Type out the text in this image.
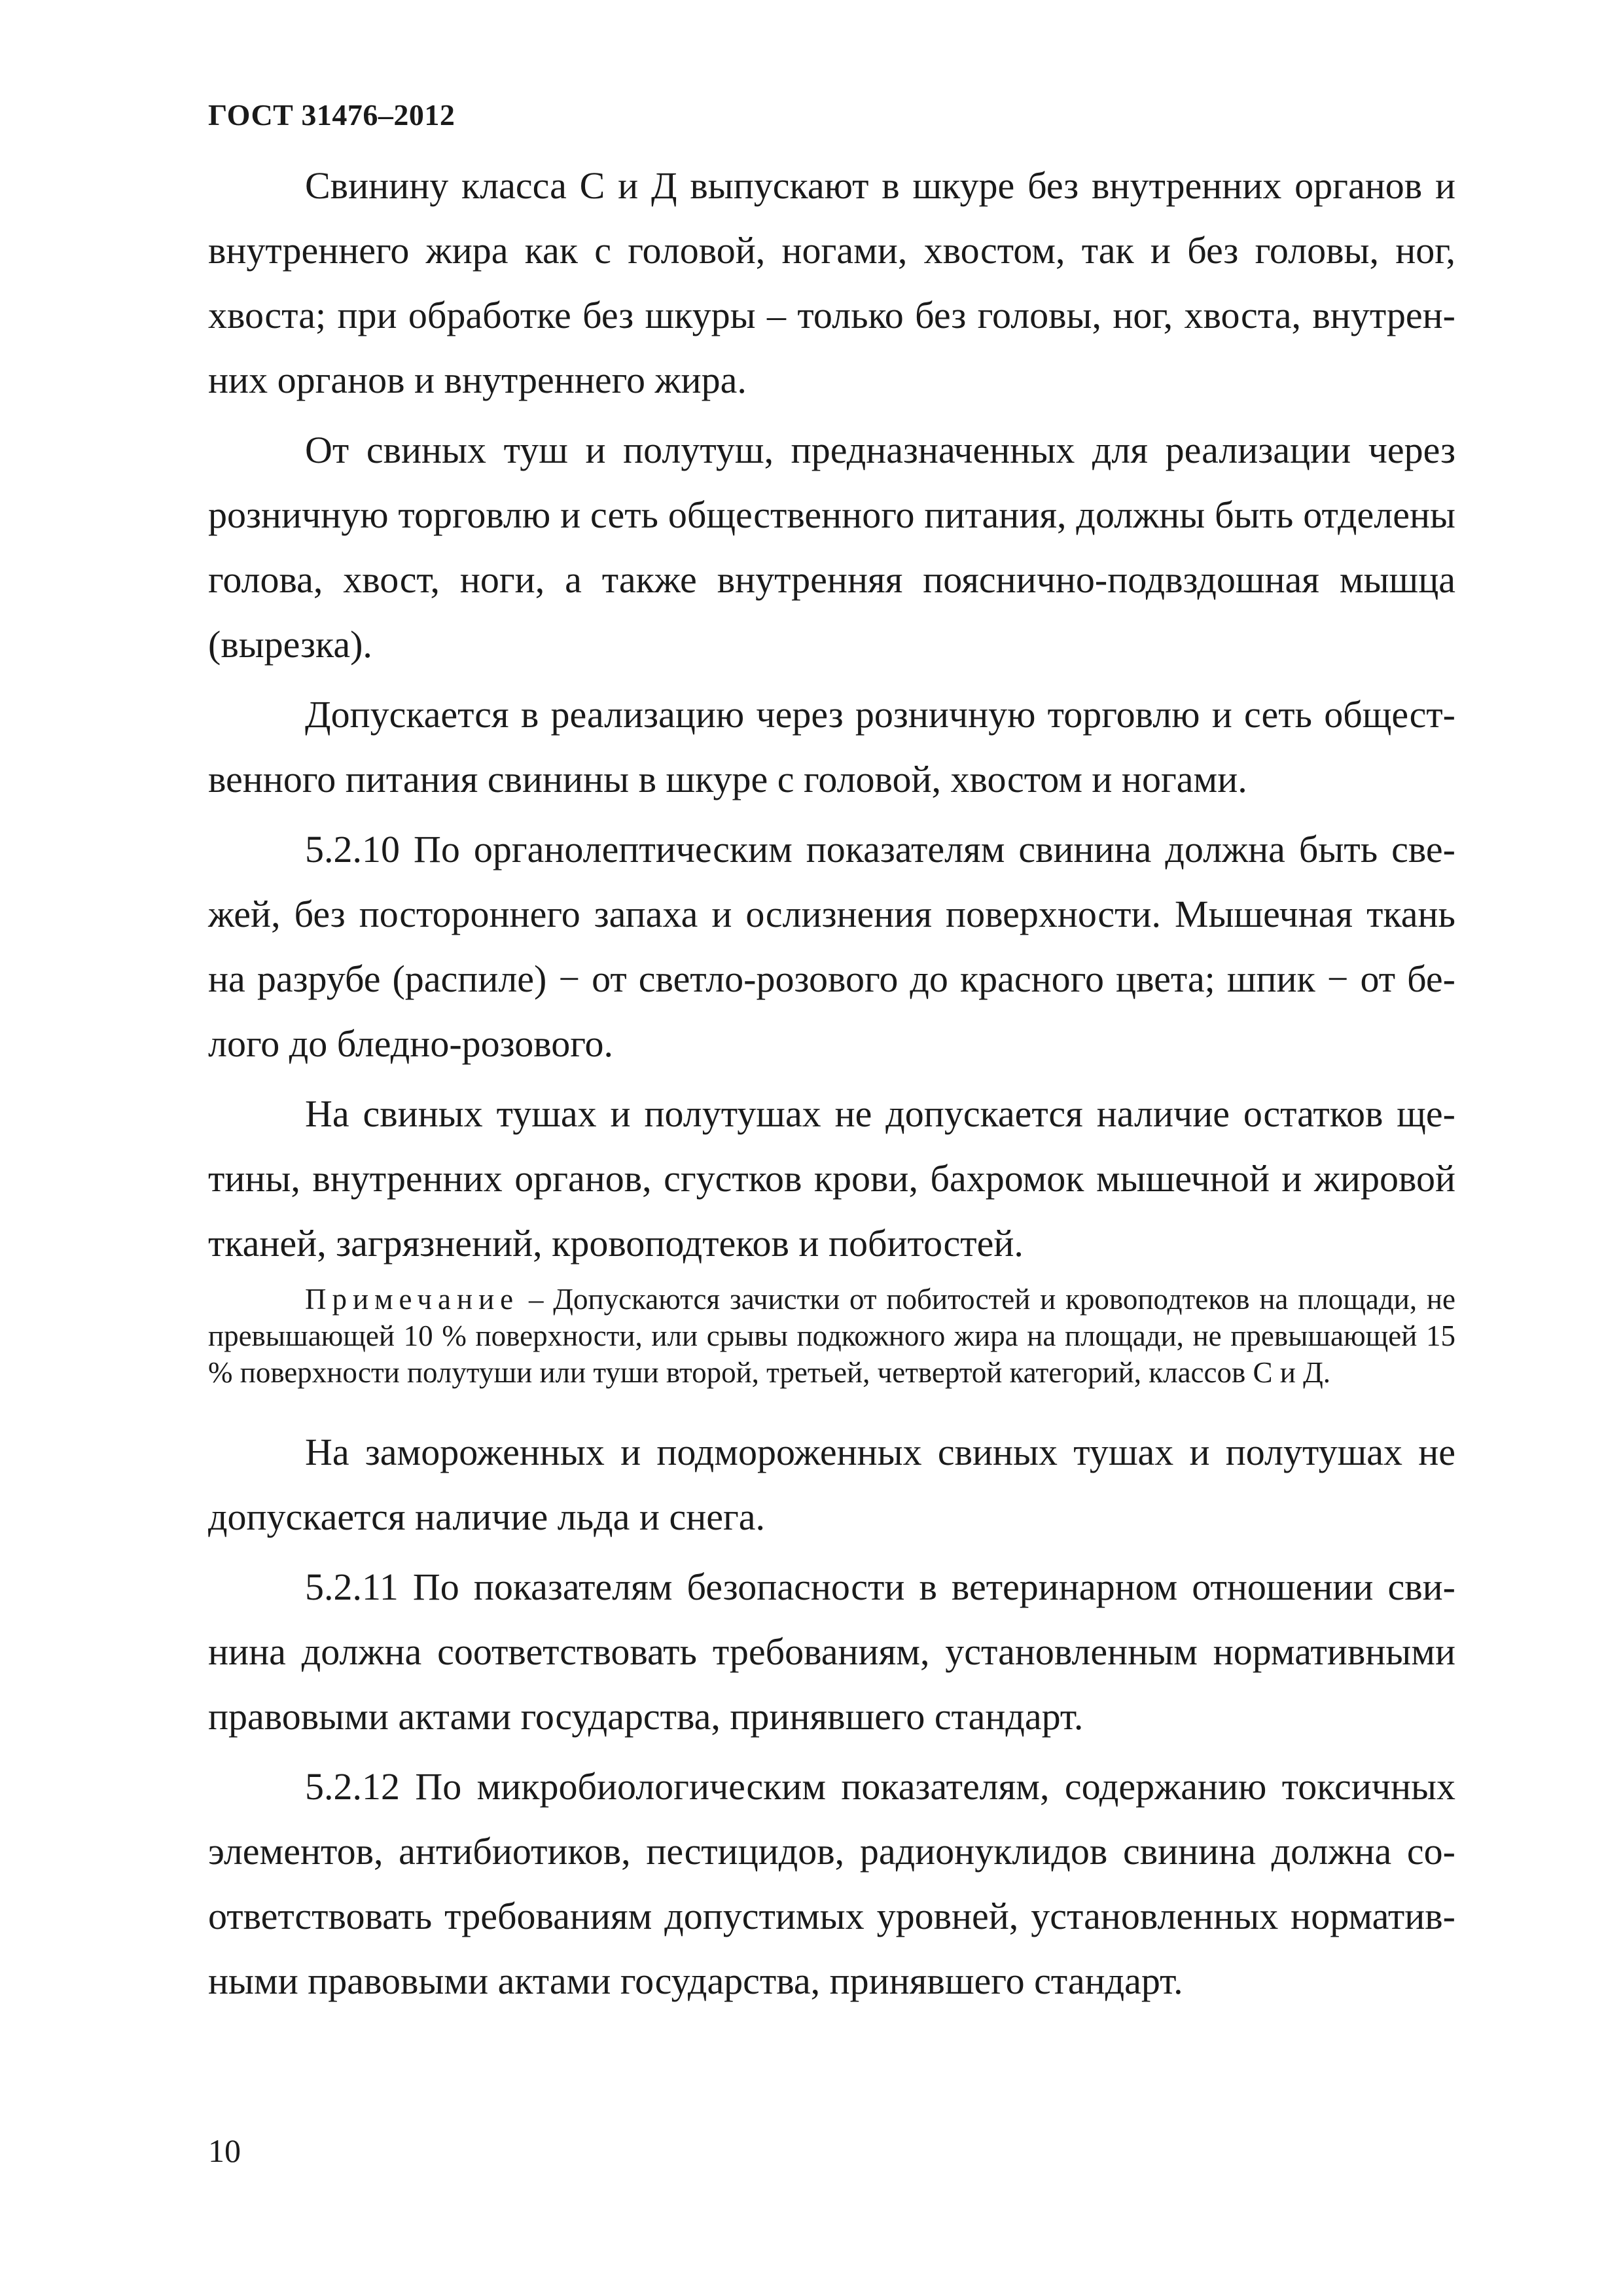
ГОСТ 31476–2012

Свинину класса С и Д выпускают в шкуре без внутренних органов и внутреннего жира как с головой, ногами, хвостом, так и без головы, ног, хвоста; при обработке без шкуры – только без головы, ног, хвоста, внутренних органов и внутреннего жира.

От свиных туш и полутуш, предназначенных для реализации через розничную торговлю и сеть общественного питания, должны быть отделены голова, хвост, ноги, а также внутренняя пояснично-подвздошная мышца (вырезка).

Допускается в реализацию через розничную торговлю и сеть общественного питания свинины в шкуре с головой, хвостом и ногами.

5.2.10 По органолептическим показателям свинина должна быть свежей, без постороннего запаха и ослизнения поверхности. Мышечная ткань на разрубе (распиле) − от светло-розового до красного цвета; шпик − от белого до бледно-розового.

На свиных тушах и полутушах не допускается наличие остатков щетины, внутренних органов, сгустков крови, бахромок мышечной и жировой тканей, загрязнений, кровоподтеков и побитостей.

Примечание – Допускаются зачистки от побитостей и кровоподтеков на площади, не превышающей 10 % поверхности, или срывы подкожного жира на площади, не превышающей 15 % поверхности полутуши или туши второй, третьей, четвертой категорий, классов С и Д.

На замороженных и подмороженных свиных тушах и полутушах не допускается наличие льда и снега.

5.2.11 По показателям безопасности в ветеринарном отношении свинина должна соответствовать требованиям, установленным нормативными правовыми актами государства, принявшего стандарт.

5.2.12 По микробиологическим показателям, содержанию токсичных элементов, антибиотиков, пестицидов, радионуклидов свинина должна соответствовать требованиям допустимых уровней, установленных нормативными правовыми актами государства, принявшего стандарт.

10
